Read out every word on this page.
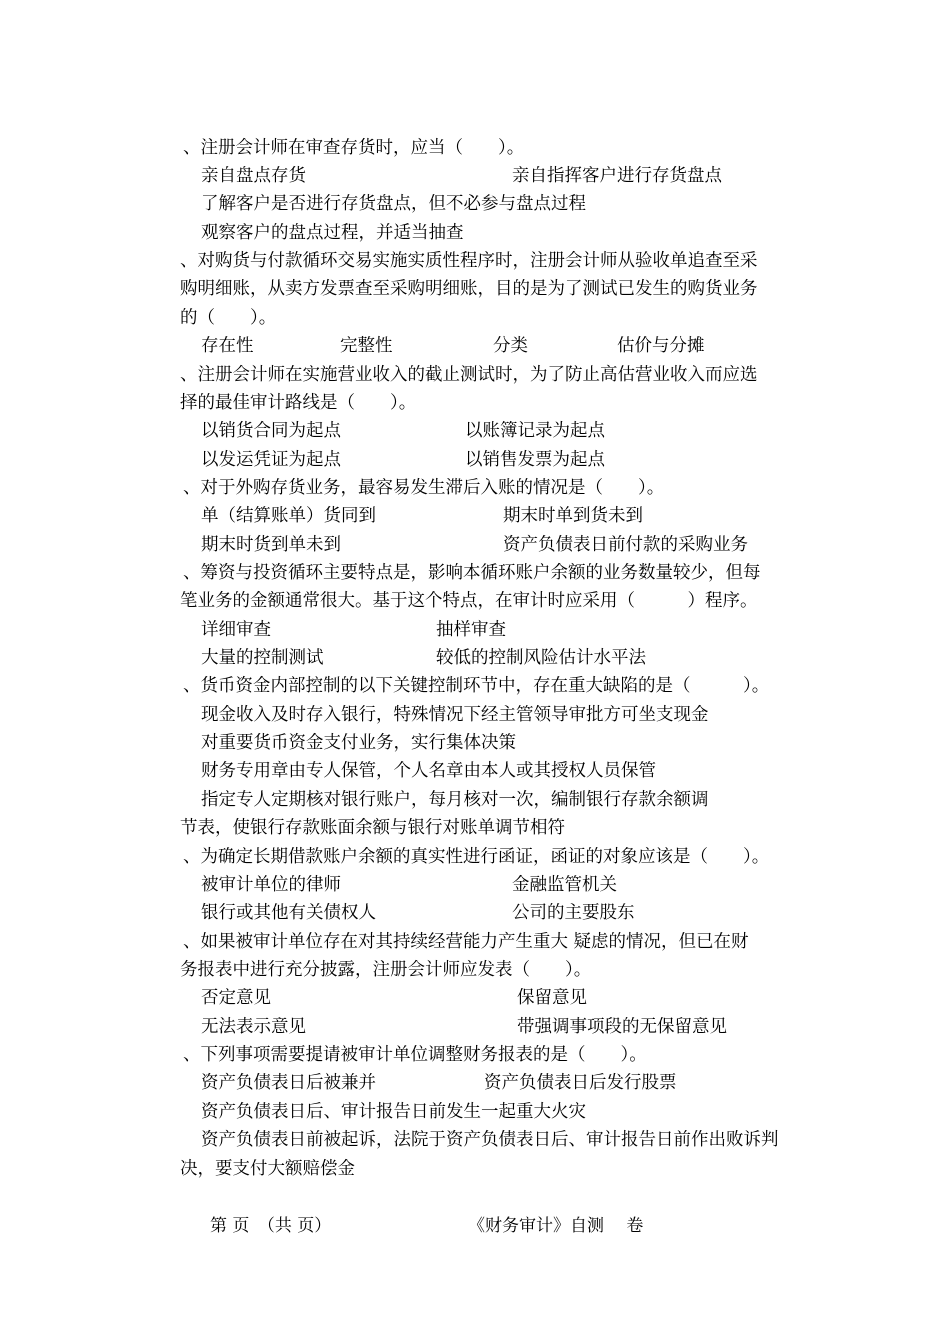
、注册会计师在审查存货时，应当（　　）。
亲自盘点存货	亲自指挥客户进行存货盘点
了解客户是否进行存货盘点，但不必参与盘点过程
观察客户的盘点过程，并适当抽查
、对购货与付款循环交易实施实质性程序时，注册会计师从验收单追查至采
购明细账，从卖方发票查至采购明细账，目的是为了测试已发生的购货业务
的（　　）。
存在性	完整性	分类	估价与分摊
、注册会计师在实施营业收入的截止测试时，为了防止高估营业收入而应选
择的最佳审计路线是（　　）。
以销货合同为起点	以账簿记录为起点
以发运凭证为起点	以销售发票为起点
、对于外购存货业务，最容易发生滞后入账的情况是（　　）。
单（结算账单）货同到	期末时单到货未到
期末时货到单未到	资产负债表日前付款的采购业务
、筹资与投资循环主要特点是，影响本循环账户余额的业务数量较少，但每
笔业务的金额通常很大。基于这个特点，在审计时应采用（　　　）程序。
详细审查	抽样审查
大量的控制测试	较低的控制风险估计水平法
、货币资金内部控制的以下关键控制环节中，存在重大缺陷的是（　　　）。
现金收入及时存入银行，特殊情况下经主管领导审批方可坐支现金
对重要货币资金支付业务，实行集体决策
财务专用章由专人保管，个人名章由本人或其授权人员保管
指定专人定期核对银行账户，每月核对一次，编制银行存款余额调
节表，使银行存款账面余额与银行对账单调节相符
、为确定长期借款账户余额的真实性进行函证，函证的对象应该是（　　）。
被审计单位的律师	金融监管机关
银行或其他有关债权人	公司的主要股东
、如果被审计单位存在对其持续经营能力产生重大 疑虑的情况，但已在财
务报表中进行充分披露，注册会计师应发表（　　）。
否定意见	保留意见
无法表示意见	带强调事项段的无保留意见
、下列事项需要提请被审计单位调整财务报表的是（　　）。
资产负债表日后被兼并	资产负债表日后发行股票
资产负债表日后、审计报告日前发生一起重大火灾
资产负债表日前被起诉，法院于资产负债表日后、审计报告日前作出败诉判
决，要支付大额赔偿金
第 页　（共 页）	《财务审计》自测　 卷
